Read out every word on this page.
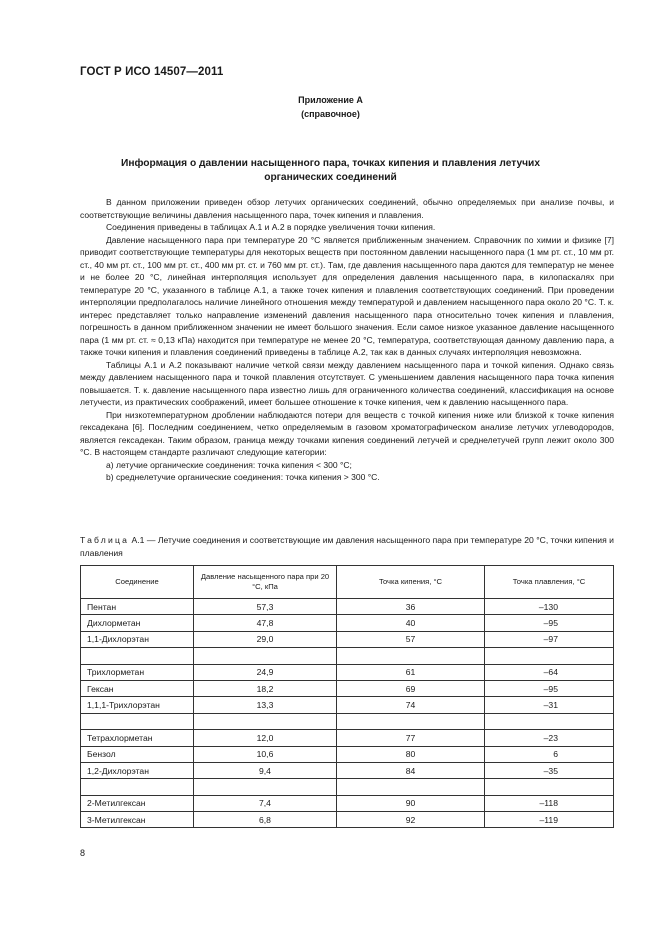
ГОСТ Р ИСО 14507—2011
Приложение А
(справочное)
Информация о давлении насыщенного пара, точках кипения и плавления летучих органических соединений

В данном приложении приведен обзор летучих органических соединений, обычно определяемых при анализе почвы, и соответствующие величины давления насыщенного пара, точек кипения и плавления.

Соединения приведены в таблицах А.1 и А.2 в порядке увеличения точки кипения.

Давление насыщенного пара при температуре 20 °С является приближенным значением. Справочник по химии и физике [7] приводит соответствующие температуры для некоторых веществ при постоянном давлении насыщенного пара (1 мм рт. ст., 10 мм рт. ст., 40 мм рт. ст., 100 мм рт. ст., 400 мм рт. ст. и 760 мм рт. ст.). Там, где давления насыщенного пара даются для температур не менее и не более 20 °С, линейная интерполяция использует для определения давления насыщенного пара, в килопаскалях при температуре 20 °С, указанного в таблице А.1, а также точек кипения и плавления соответствующих соединений. При проведении интерполяции предполагалось наличие линейного отношения между температурой и давлением насыщенного пара около 20 °С. Т. к. интерес представляет только направление изменений давления насыщенного пара относительно точек кипения и плавления, погрешность в данном приближенном значении не имеет большого значения. Если самое низкое указанное давление насыщенного пара (1 мм рт. ст. ≈ 0,13 кПа) находится при температуре не менее 20 °С, температура, соответствующая данному давлению пара, а также точки кипения и плавления соединений приведены в таблице А.2, так как в данных случаях интерполяция невозможна.

Таблицы А.1 и А.2 показывают наличие четкой связи между давлением насыщенного пара и точкой кипения. Однако связь между давлением насыщенного пара и точкой плавления отсутствует. С уменьшением давления насыщенного пара точка кипения повышается. Т. к. давление насыщенного пара известно лишь для ограниченного количества соединений, классификация на основе летучести, из практических соображений, имеет большее отношение к точке кипения, чем к давлению насыщенного пара.

При низкотемпературном дроблении наблюдаются потери для веществ с точкой кипения ниже или близкой к точке кипения гексадекана [6]. Последним соединением, четко определяемым в газовом хроматографическом анализе летучих углеводородов, является гексадекан. Таким образом, граница между точками кипения соединений летучей и среднелетучей групп лежит около 300 °С. В настоящем стандарте различают следующие категории:

а) летучие органические соединения: точка кипения < 300 °С;

b) среднелетучие органические соединения: точка кипения > 300 °С.

Таблица А.1 — Летучие соединения и соответствующие им давления насыщенного пара при температуре 20 °С, точки кипения и плавления
Соединение	Давление насыщенного пара при 20 °С, кПа	Точка кипения, °С	Точка плавления, °С
Пентан	57,3	36	–130
Дихлорметан	47,8	40	–95
1,1-Дихлорэтан	29,0	57	–97

Трихлорметан	24,9	61	–64
Гексан	18,2	69	–95
1,1,1-Трихлорэтан	13,3	74	–31

Тетрахлорметан	12,0	77	–23
Бензол	10,6	80	6
1,2-Дихлорэтан	9,4	84	–35

2-Метилгексан	7,4	90	–118
3-Метилгексан	6,8	92	–119
8
